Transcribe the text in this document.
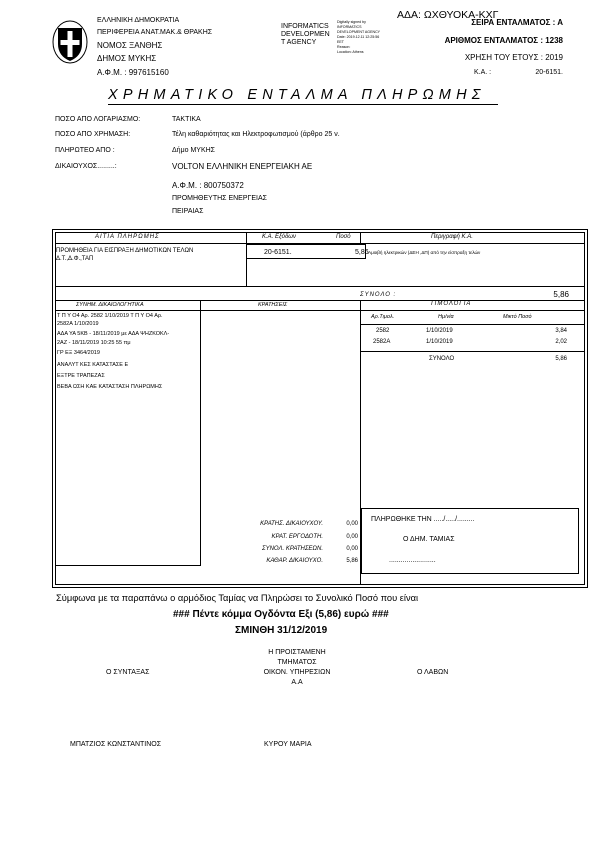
ΕΛΛΗΝΙΚΗ ΔΗΜΟΚΡΑΤΙΑ
ΠΕΡΙΦΕΡΕΙΑ ΑΝΑΤ.ΜΑΚ.& ΘΡΑΚΗΣ
ΝΟΜΟΣ ΞΑΝΘΗΣ
ΔΗΜΟΣ ΜΥΚΗΣ
Α.Φ.Μ. : 997615160
INFORMATICS
DEVELOPMEN
T AGENCY
Digitally signed by
INFORMATICS
DEVELOPMENT AGENCY
Date: 2019.12.11 12:25:56
EET
Reason:
Location: Athens
ΑΔΑ: ΩΧΘΥΟΚΑ-ΚΧΓ
ΣΕΙΡΑ ΕΝΤΑΛΜΑΤΟΣ : Α
ΑΡΙΘΜΟΣ ΕΝΤΑΛΜΑΤΟΣ : 1238
ΧΡΗΣΗ ΤΟΥ ΕΤΟΥΣ : 2019
Κ.Α. :	20-6151.
ΧΡΗΜΑΤΙΚΟ ΕΝΤΑΛΜΑ ΠΛΗΡΩΜΗΣ
ΠΟΣΟ ΑΠΟ ΛΟΓΑΡΙΑΣΜΟ:	ΤΑΚΤΙΚΑ
ΠΟΣΟ ΑΠΟ ΧΡΗΜΑΣΗ:	Τέλη καθαριότητας και Ηλεκτροφωτισμού (άρθρο 25 ν.
ΠΛΗΡΩΤΕΟ ΑΠΟ :	Δήμο ΜΥΚΗΣ
ΔΙΚΑΙΟΥΧΟΣ.........:	VOLTON ΕΛΛΗΝΙΚΗ ΕΝΕΡΓΕΙΑΚΗ ΑΕ
Α.Φ.Μ. : 800750372
ΠΡΟΜΗΘΕΥΤΗΣ ΕΝΕΡΓΕΙΑΣ
ΠΕΙΡΑΙΑΣ
ΑΙΤΙΑ ΠΛΗΡΩΜΗΣ	Κ.Α. Εξόδων	Ποσό	Περιγραφή Κ.Α.
ΠΡΟΜΗΘΕΙΑ ΓΙΑ ΕΙΣΠΡΑΞΗ ΔΗΜΟΤΙΚΩΝ ΤΕΛΩΝ
Δ.Τ.,Δ.Φ.,ΤΑΠ
20-6151.	5,86 Αμοιβή ηλεκτρικών (ΔΕΗ ,ΔΠ) από την είσπραξη τελών
ΣΥΝΟΛΟ :	5,86
ΣΥΝΗΜ. ΔΙΚΑΙΟΛΟΓΗΤΙΚΑ	ΚΡΑΤΗΣΕΙΣ	ΤΙΜΟΛΟΓΙΑ
Τ Π Υ Ο4 Αρ. 2582 1/10/2019 Τ Π Υ Ο4 Αρ.
2582Α 1/10/2019
ΑΔΑ ΥΑ 5ΚΒ - 18/11/2019 με ΑΔΑ ΨΗΖΚΟΚΛ-
2ΑΖ - 18/11/2019 10:25 55 πμ
ΓΡ ΕΞ 3464/2019
ΑΝΑΛΥΤ ΚΕΣ ΚΑΤΑΣΤΑΣΕ Ε
ΕΞΤΡΕ ΤΡΑΠΕΖΑΣ
ΒΕΒΑ ΩΣΗ ΚΑΕ ΚΑΤΑΣΤΑΣΗ ΠΛΗΡΩΜΗΣ
Αρ.Τιμολ.	Ημ/νία	Μικτό Ποσό
2582	1/10/2019	3,84
2582Α	1/10/2019	2,02
ΣΥΝΟΛΟ	5,86
ΠΛΗΡΩΘΗΚΕ ΤΗΝ ...../...../.........
Ο ΔΗΜ. ΤΑΜΙΑΣ
........................
ΚΡΑΤΗΣ. ΔΙΚΑΙΟΥΧΟΥ.	0,00
ΚΡΑΤ. ΕΡΓΟΔΟΤΗ.	0,00
ΣΥΝΟΛ. ΚΡΑΤΗΣΕΩΝ.	0,00
ΚΑΘΑΡ. ΔΙΚΑΙΟΥΧΟ.	5,86
Σύμφωνα με τα παραπάνω ο αρμόδιος Ταμίας να Πληρώσει το Συνολικό Ποσό που είναι
### Πέντε κόμμα Ογδόντα Εξι (5,86) ευρώ ###
ΣΜΙΝΘΗ 31/12/2019
Ο ΣΥΝΤΑΞΑΣ
Η ΠΡΟΙΣΤΑΜΕΝΗ
ΤΜΗΜΑΤΟΣ
ΟΙΚΟΝ. ΥΠΗΡΕΣΙΩΝ
Α.Α
Ο ΛΑΒΩΝ
ΜΠΑΤΖΙΟΣ ΚΩΝΣΤΑΝΤΙΝΟΣ	ΚΥΡΟΥ ΜΑΡΙΑ
